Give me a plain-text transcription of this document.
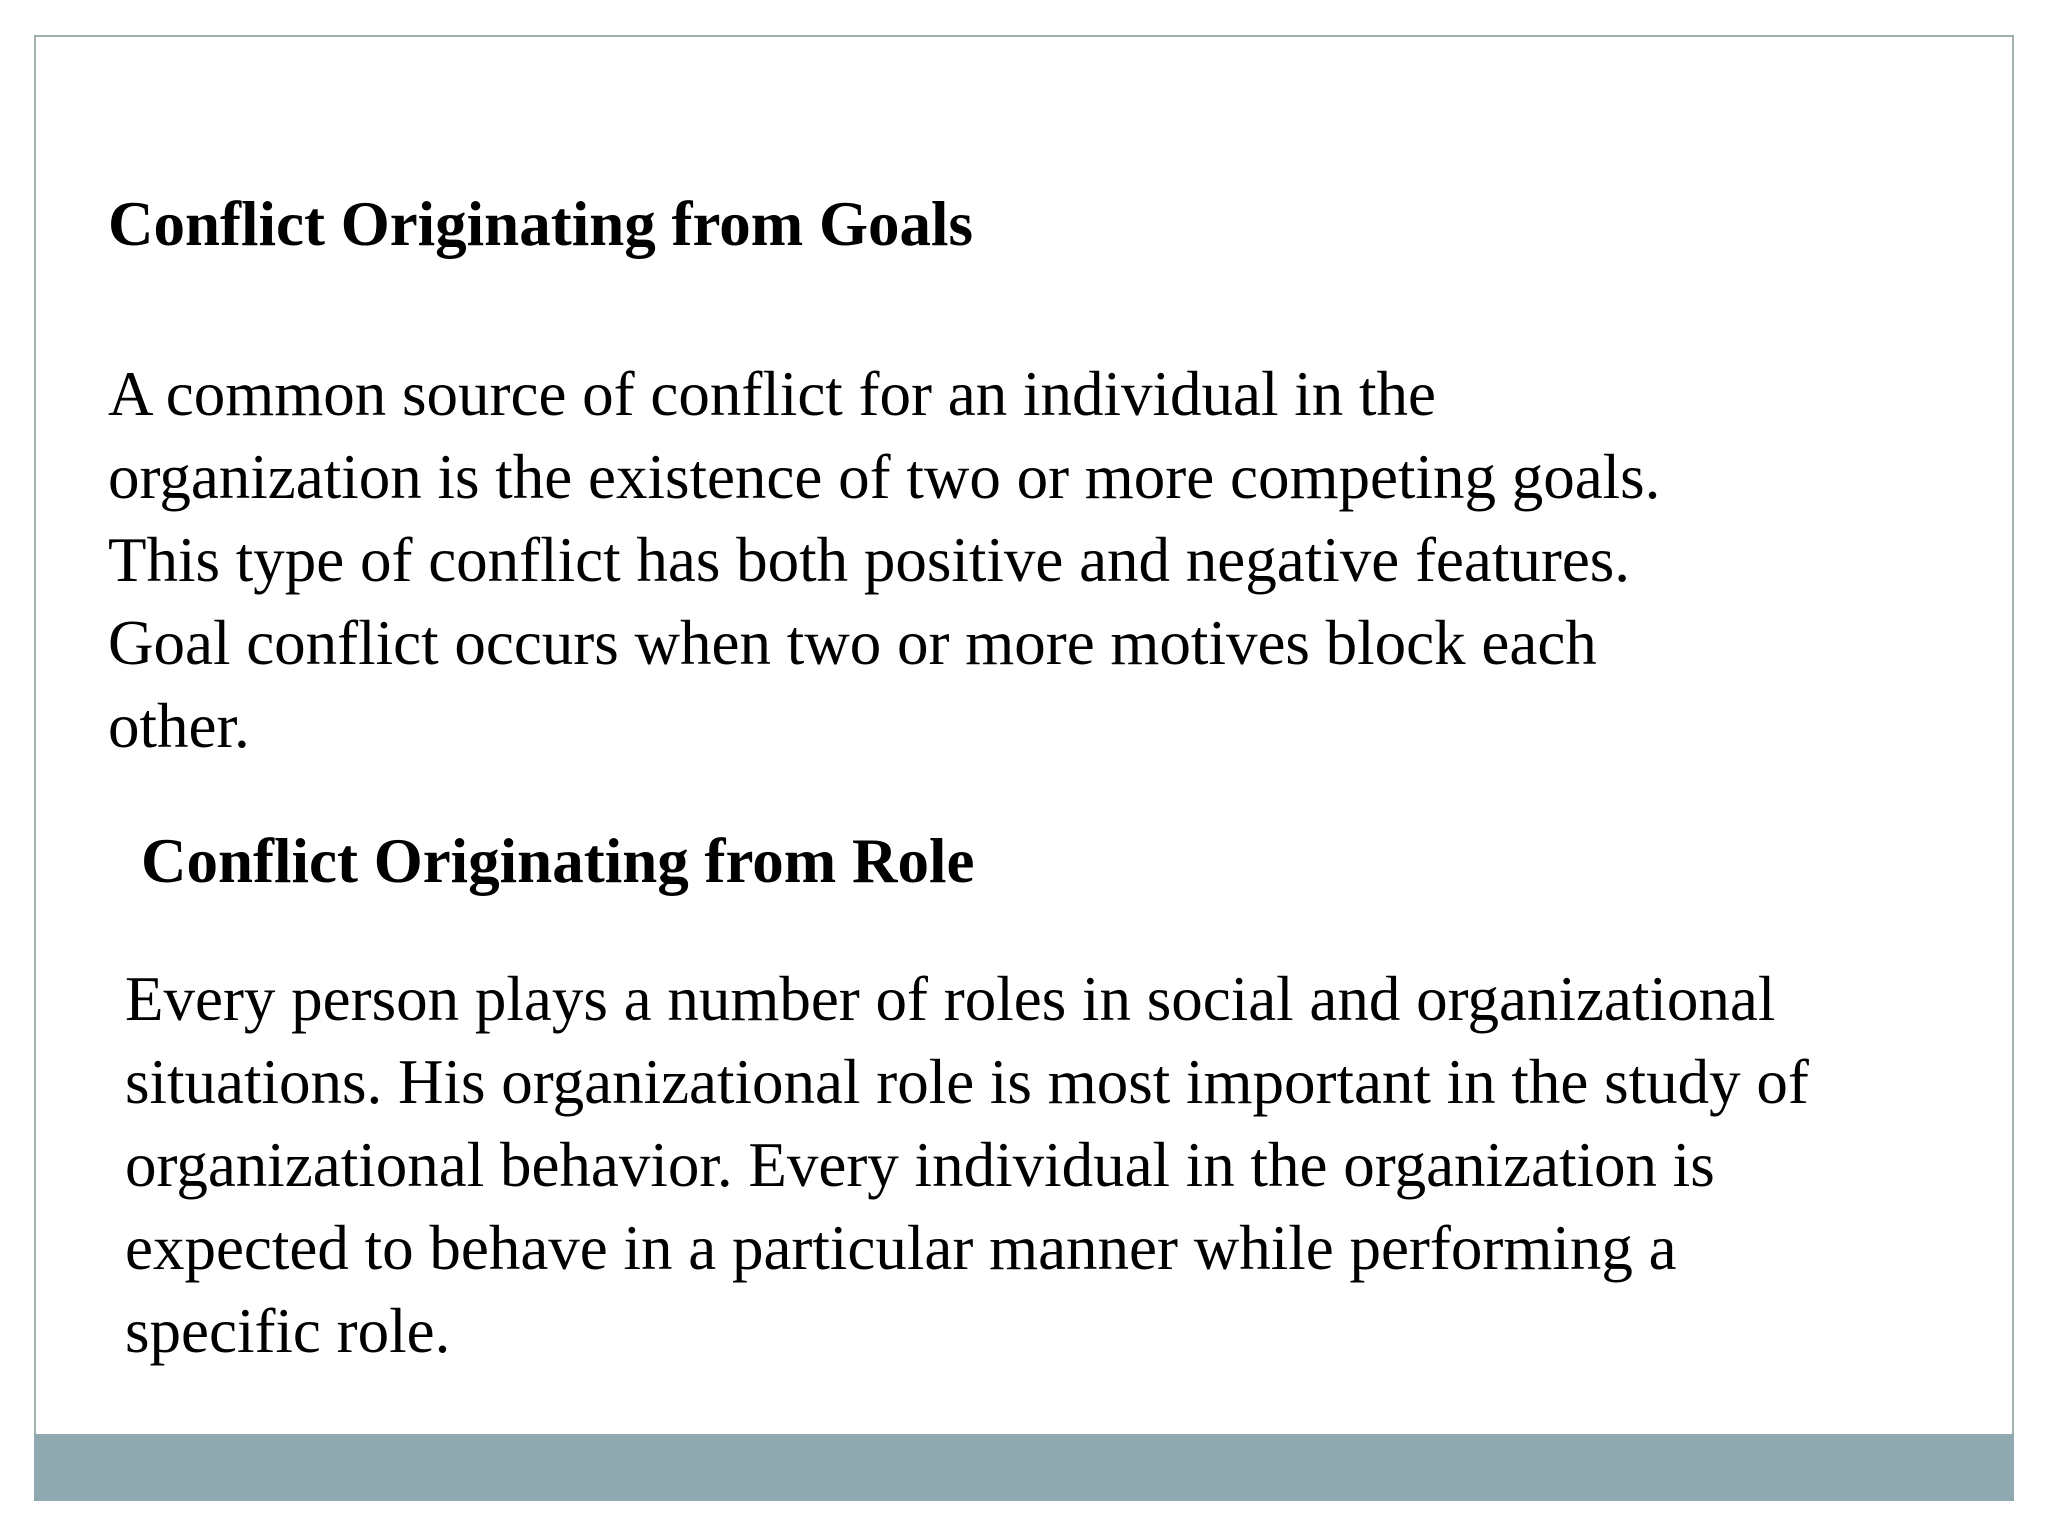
Conflict Originating from Goals

A common source of conflict for an individual in the
organization is the existence of two or more competing goals.
This type of conflict has both positive and negative features.
Goal conflict occurs when two or more motives block each
other.

Conflict Originating from Role

Every person plays a number of roles in social and organizational
situations. His organizational role is most important in the study of
organizational behavior. Every individual in the organization is
expected to behave in a particular manner while performing a
specific role.
